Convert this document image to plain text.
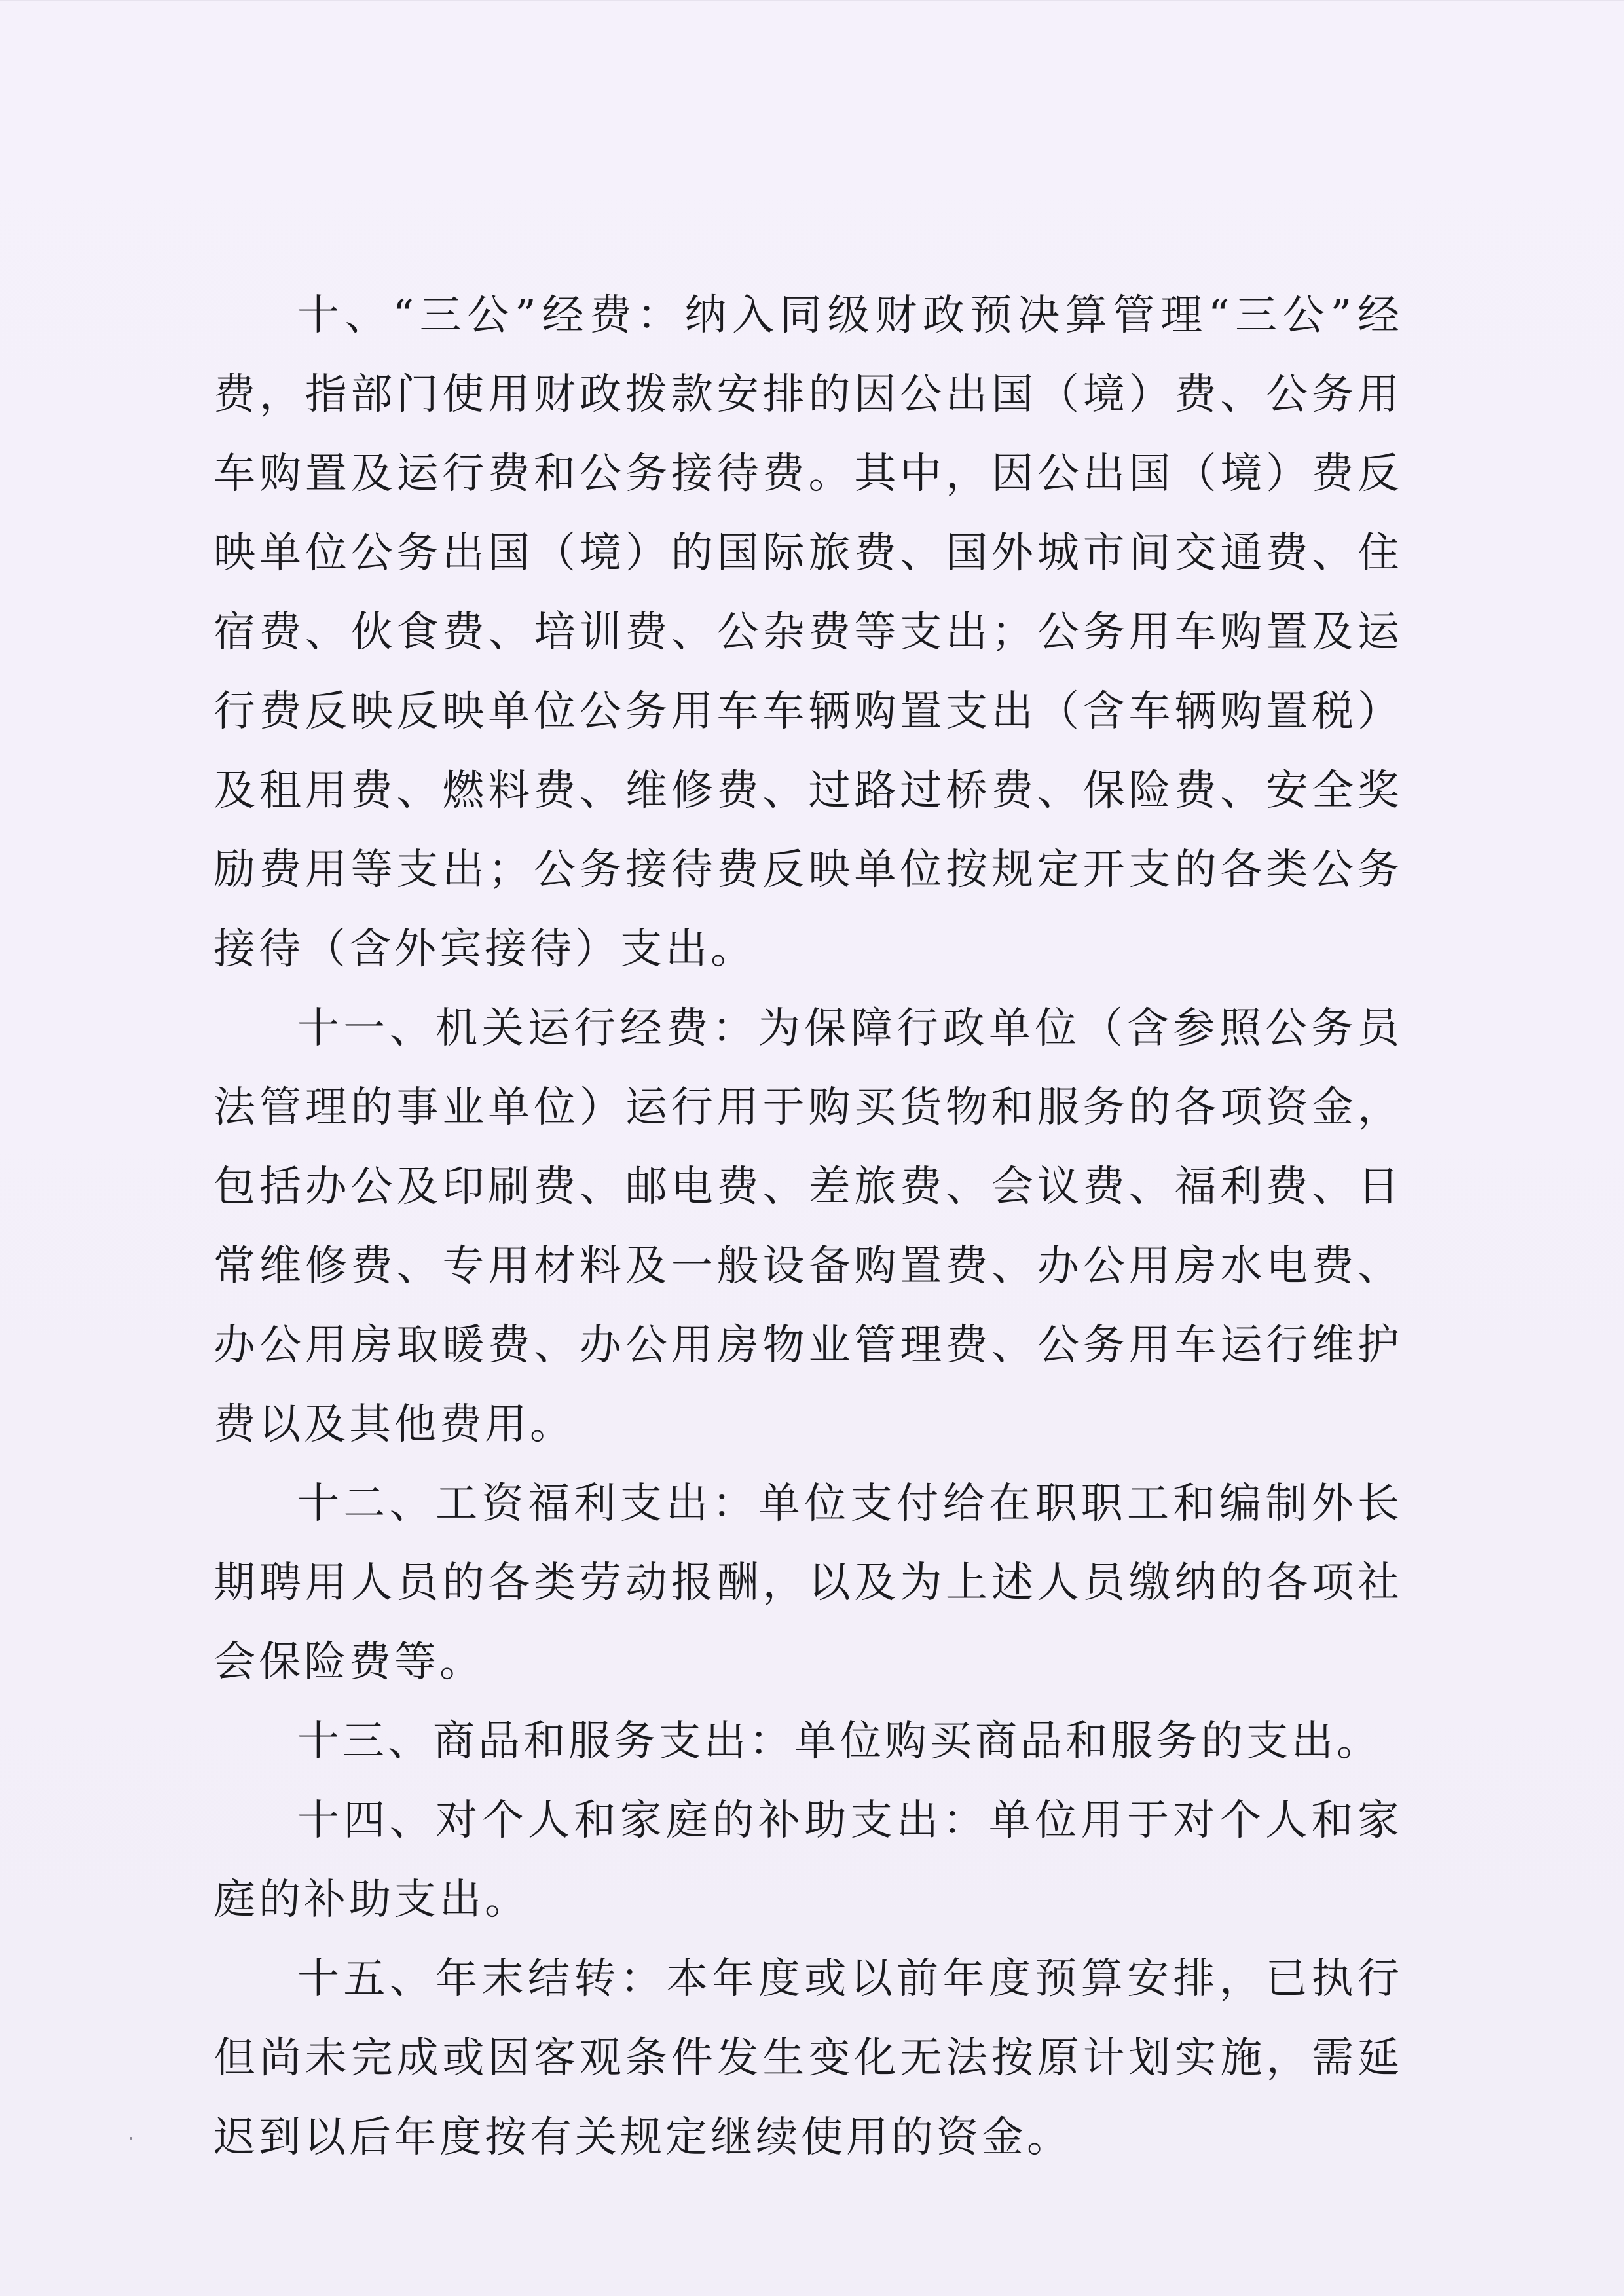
十、“三公”经费：纳入同级财政预决算管理“三公”经费，指部门使用财政拨款安排的因公出国（境）费、公务用车购置及运行费和公务接待费。其中，因公出国（境）费反映单位公务出国（境）的国际旅费、国外城市间交通费、住宿费、伙食费、培训费、公杂费等支出；公务用车购置及运行费反映反映单位公务用车车辆购置支出（含车辆购置税）及租用费、燃料费、维修费、过路过桥费、保险费、安全奖励费用等支出；公务接待费反映单位按规定开支的各类公务接待（含外宾接待）支出。

十一、机关运行经费：为保障行政单位（含参照公务员法管理的事业单位）运行用于购买货物和服务的各项资金，包括办公及印刷费、邮电费、差旅费、会议费、福利费、日常维修费、专用材料及一般设备购置费、办公用房水电费、办公用房取暖费、办公用房物业管理费、公务用车运行维护费以及其他费用。

十二、工资福利支出：单位支付给在职职工和编制外长期聘用人员的各类劳动报酬，以及为上述人员缴纳的各项社会保险费等。

十三、商品和服务支出：单位购买商品和服务的支出。

十四、对个人和家庭的补助支出：单位用于对个人和家庭的补助支出。

十五、年末结转：本年度或以前年度预算安排，已执行但尚未完成或因客观条件发生变化无法按原计划实施，需延迟到以后年度按有关规定继续使用的资金。
